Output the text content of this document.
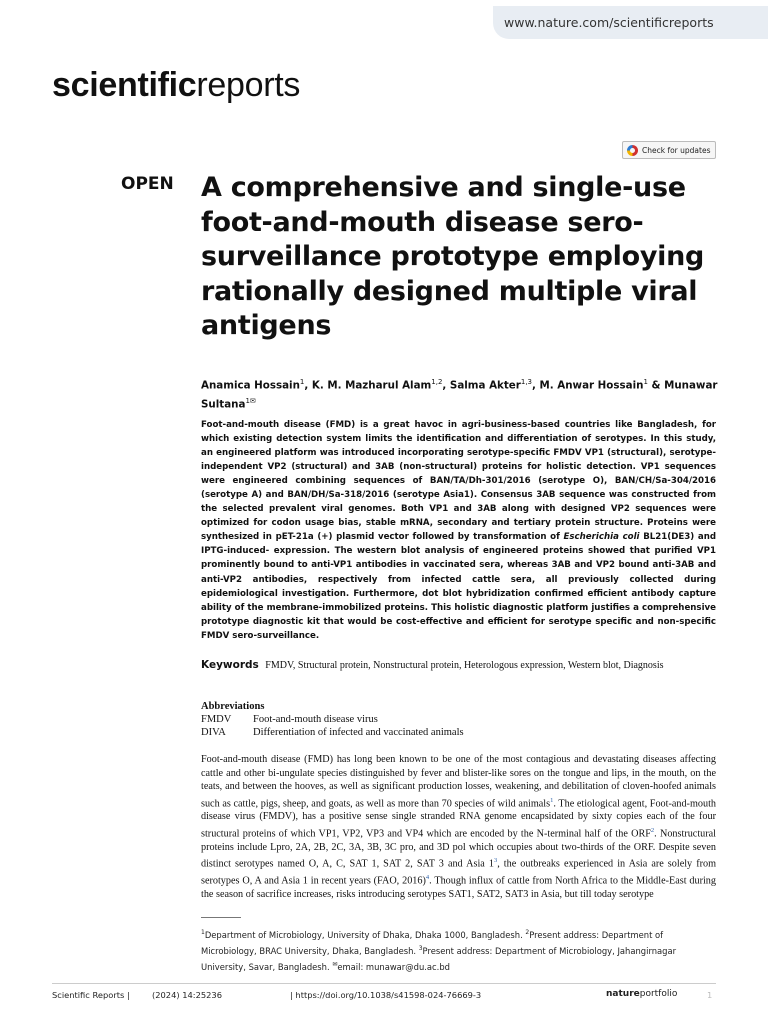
www.nature.com/scientificreports
scientificreports
Check for updates
OPEN A comprehensive and single-use foot-and-mouth disease sero-surveillance prototype employing rationally designed multiple viral antigens
Anamica Hossain$^1$, K. M. Mazharul Alam$^{1,2}$, Salma Akter$^{1,3}$, M. Anwar Hossain$^1$ & Munawar Sultana$^{1✉}$

Foot-and-mouth disease (FMD) is a great havoc in agri-business-based countries like Bangladesh, for which existing detection system limits the identification and differentiation of serotypes. In this study, an engineered platform was introduced incorporating serotype-specific FMDV VP1 (structural), serotype-independent VP2 (structural) and 3AB (non-structural) proteins for holistic detection. VP1 sequences were engineered combining sequences of BAN/TA/Dh-301/2016 (serotype O), BAN/CH/Sa-304/2016 (serotype A) and BAN/DH/Sa-318/2016 (serotype Asia1). Consensus 3AB sequence was constructed from the selected prevalent viral genomes. Both VP1 and 3AB along with designed VP2 sequences were optimized for codon usage bias, stable mRNA, secondary and tertiary protein structure. Proteins were synthesized in pET-21a (+) plasmid vector followed by transformation of Escherichia coli BL21(DE3) and IPTG-induced- expression. The western blot analysis of engineered proteins showed that purified VP1 prominently bound to anti-VP1 antibodies in vaccinated sera, whereas 3AB and VP2 bound anti-3AB and anti-VP2 antibodies, respectively from infected cattle sera, all previously collected during epidemiological investigation. Furthermore, dot blot hybridization confirmed efficient antibody capture ability of the membrane-immobilized proteins. This holistic diagnostic platform justifies a comprehensive prototype diagnostic kit that would be cost-effective and efficient for serotype specific and non-specific FMDV sero-surveillance.

Keywords FMDV, Structural protein, Nonstructural protein, Heterologous expression, Western blot, Diagnosis
Abbreviations
FMDV Foot-and-mouth disease virus
DIVA	Differentiation of infected and vaccinated animals

Foot-and-mouth disease (FMD) has long been known to be one of the most contagious and devastating diseases affecting cattle and other bi-ungulate species distinguished by fever and blister-like sores on the tongue and lips, in the mouth, on the teats, and between the hooves, as well as significant production losses, weakening, and debilitation of cloven-hoofed animals such as cattle, pigs, sheep, and goats, as well as more than 70 species of wild animals$^1$. The etiological agent, Foot-and-mouth disease virus (FMDV), has a positive sense single stranded RNA genome encapsidated by sixty copies each of the four structural proteins of which VP1, VP2, VP3 and VP4 which are encoded by the N-terminal half of the ORF$^2$. Nonstructural proteins include Lpro, 2A, 2B, 2C, 3A, 3B, 3C pro, and 3D pol which occupies about two-thirds of the ORF. Despite seven distinct serotypes named O, A, C, SAT 1, SAT 2, SAT 3 and Asia $1^3$, the outbreaks experienced in Asia are solely from serotypes O, A and Asia 1 in recent years (FAO, 2016)$^4$. Though influx of cattle from North Africa to the Middle-East during the season of sacrifice increases, risks introducing serotypes SAT1, SAT2, SAT3 in Asia, but till today serotype

$^1$Department of Microbiology, University of Dhaka, Dhaka 1000, Bangladesh. $^2$Present address: Department of Microbiology, BRAC University, Dhaka, Bangladesh. $^3$Present address: Department of Microbiology, Jahangirnagar University, Savar, Bangladesh. ✉email: munawar@du.ac.bd

Scientific Reports |	(2024) 14:25236	| https://doi.org/10.1038/s41598-024-76669-3	natureportfolio	1
